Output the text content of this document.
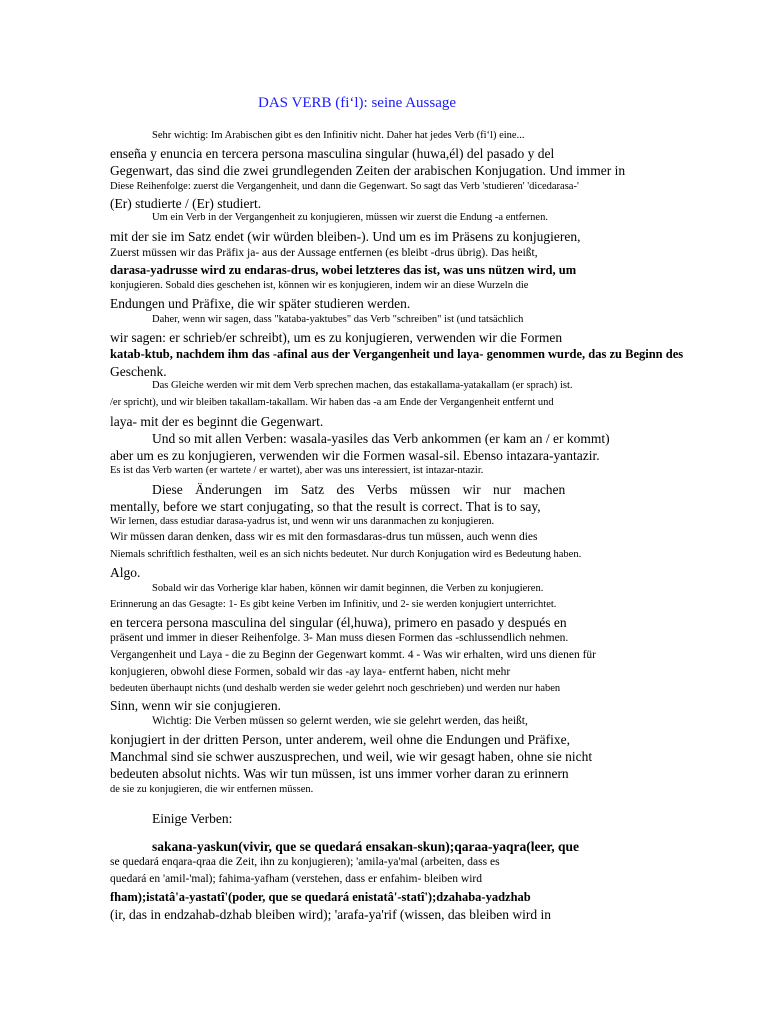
DAS VERB (fi‘l): seine Aussage
Sehr wichtig: Im Arabischen gibt es den Infinitiv nicht. Daher hat jedes Verb (fi‘l) eine...
enseña y enuncia en tercera persona masculina singular (huwa,él) del pasado y del
Gegenwart, das sind die zwei grundlegenden Zeiten der arabischen Konjugation. Und immer in
Diese Reihenfolge: zuerst die Vergangenheit, und dann die Gegenwart. So sagt das Verb 'studieren' 'dicedarasa-'
(Er) studierte / (Er) studiert.
Um ein Verb in der Vergangenheit zu konjugieren, müssen wir zuerst die Endung -a entfernen.
mit der sie im Satz endet (wir würden bleiben-). Und um es im Präsens zu konjugieren,
Zuerst müssen wir das Präfix ja- aus der Aussage entfernen (es bleibt -drus übrig). Das heißt,
darasa-yadrusse wird zu endaras-drus, wobei letzteres das ist, was uns nützen wird, um
konjugieren. Sobald dies geschehen ist, können wir es konjugieren, indem wir an diese Wurzeln die
Endungen und Präfixe, die wir später studieren werden.
Daher, wenn wir sagen, dass "kataba-yaktubes" das Verb "schreiben" ist (und tatsächlich
wir sagen: er schrieb/er schreibt), um es zu konjugieren, verwenden wir die Formen
katab-ktub, nachdem ihm das -afinal aus der Vergangenheit und laya- genommen wurde, das zu Beginn des
Geschenk.
Das Gleiche werden wir mit dem Verb sprechen machen, das estakallama-yatakallam (er sprach) ist.
/er spricht), und wir bleiben takallam-takallam. Wir haben das -a am Ende der Vergangenheit entfernt und
laya- mit der es beginnt die Gegenwart.
Und so mit allen Verben: wasala-yasiles das Verb ankommen (er kam an / er kommt)
aber um es zu konjugieren, verwenden wir die Formen wasal-sil. Ebenso intazara-yantazir.
Es ist das Verb warten (er wartete / er wartet), aber was uns interessiert, ist intazar-ntazir.
Diese Änderungen im Satz des Verbs müssen wir nur machen
mentally, before we start conjugating, so that the result is correct. That is to say,
Wir lernen, dass estudiar darasa-yadrus ist, und wenn wir uns daranmachen zu konjugieren.
Wir müssen daran denken, dass wir es mit den formasdaras-drus tun müssen, auch wenn dies
Niemals schriftlich festhalten, weil es an sich nichts bedeutet. Nur durch Konjugation wird es Bedeutung haben.
Algo.
Sobald wir das Vorherige klar haben, können wir damit beginnen, die Verben zu konjugieren.
Erinnerung an das Gesagte: 1- Es gibt keine Verben im Infinitiv, und 2- sie werden konjugiert unterrichtet.
en tercera persona masculina del singular (él,huwa), primero en pasado y después en
präsent und immer in dieser Reihenfolge. 3- Man muss diesen Formen das -schlussendlich nehmen.
Vergangenheit und Laya - die zu Beginn der Gegenwart kommt. 4 - Was wir erhalten, wird uns dienen für
konjugieren, obwohl diese Formen, sobald wir das -ay laya- entfernt haben, nicht mehr
bedeuten überhaupt nichts (und deshalb werden sie weder gelehrt noch geschrieben) und werden nur haben
Sinn, wenn wir sie conjugieren.
Wichtig: Die Verben müssen so gelernt werden, wie sie gelehrt werden, das heißt,
konjugiert in der dritten Person, unter anderem, weil ohne die Endungen und Präfixe,
Manchmal sind sie schwer auszusprechen, und weil, wie wir gesagt haben, ohne sie nicht
bedeuten absolut nichts. Was wir tun müssen, ist uns immer vorher daran zu erinnern
de sie zu konjugieren, die wir entfernen müssen.
Einige Verben:
sakana-yaskun(vivir, que se quedará ensakan-skun);qaraa-yaqra(leer, que
se quedará enqara-qraa die Zeit, ihn zu konjugieren); 'amila-ya'mal (arbeiten, dass es
quedará en 'amil-'mal); fahima-yafham (verstehen, dass er enfahim- bleiben wird
fham);istatâ'a-yastatî'(poder, que se quedará enistatâ'-statî');dzahaba-yadzhab
(ir, das in endzahab-dzhab bleiben wird); 'arafa-ya'rif (wissen, das bleiben wird in
